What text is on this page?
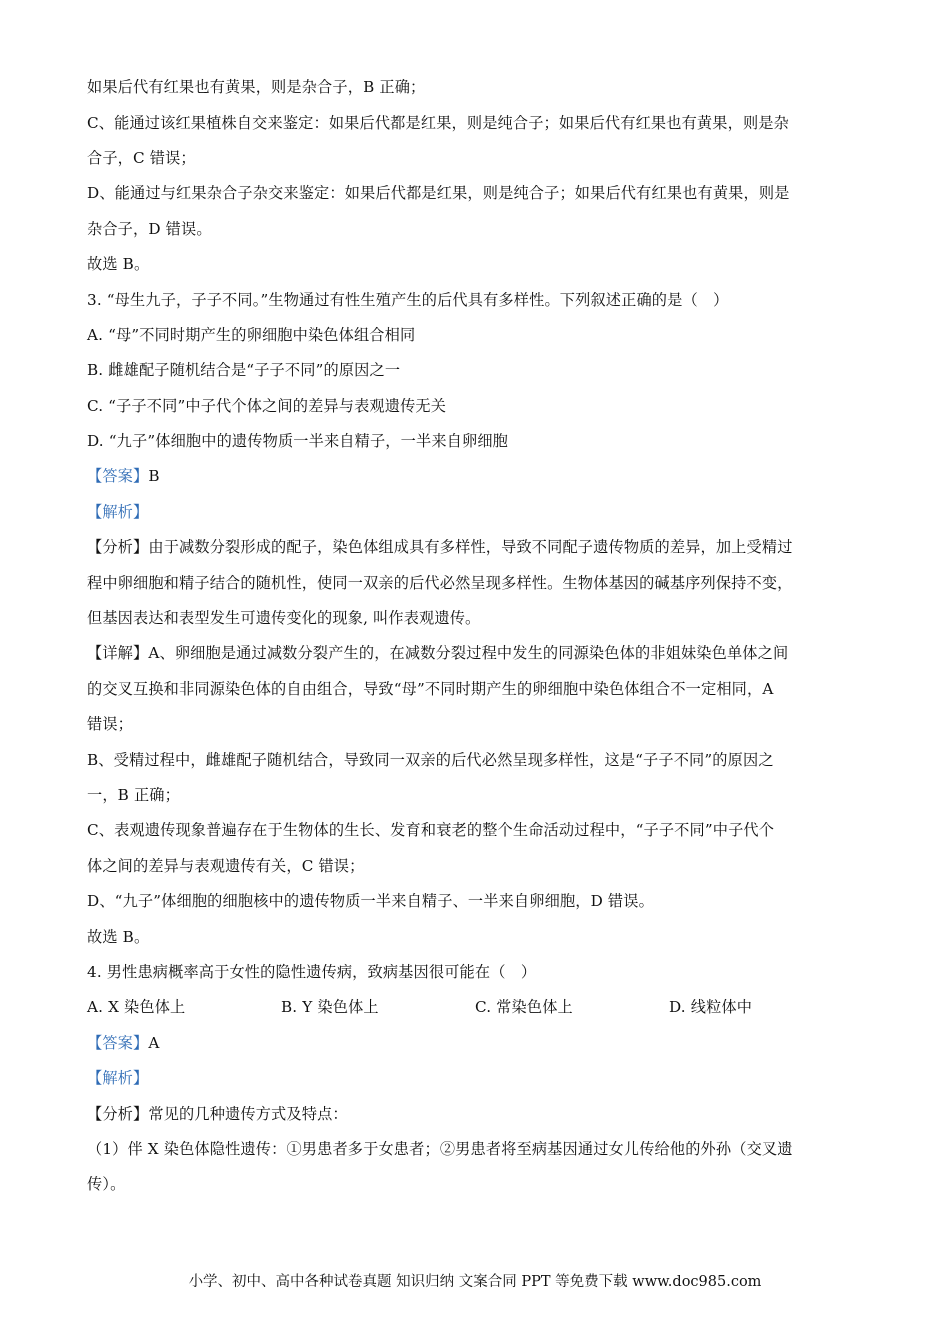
如果后代有红果也有黄果，则是杂合子，B 正确；
C、能通过该红果植株自交来鉴定：如果后代都是红果，则是纯合子；如果后代有红果也有黄果，则是杂
合子，C 错误；
D、能通过与红果杂合子杂交来鉴定：如果后代都是红果，则是纯合子；如果后代有红果也有黄果，则是
杂合子，D 错误。
故选 B。
3. “母生九子，子子不同。”生物通过有性生殖产生的后代具有多样性。下列叙述正确的是（　）
A. “母”不同时期产生的卵细胞中染色体组合相同
B. 雌雄配子随机结合是“子子不同”的原因之一
C. “子子不同”中子代个体之间的差异与表观遗传无关
D. “九子”体细胞中的遗传物质一半来自精子，一半来自卵细胞
【答案】 B
【解析】
【分析】 由于减数分裂形成的配子，染色体组成具有多样性，导致不同配子遗传物质的差异，加上受精过
程中卵细胞和精子结合的随机性，使同一双亲的后代必然呈现多样性。生物体基因的碱基序列保持不变，
但基因表达和表型发生可遗传变化的现象, 叫作表观遗传。
【详解】 A、卵细胞是通过减数分裂产生的，在减数分裂过程中发生的同源染色体的非姐妹染色单体之间
的交叉互换和非同源染色体的自由组合，导致“母”不同时期产生的卵细胞中染色体组合不一定相同，A
错误；
B、受精过程中，雌雄配子随机结合，导致同一双亲的后代必然呈现多样性，这是“子子不同”的原因之
一，B 正确；
C、表观遗传现象普遍存在于生物体的生长、发育和衰老的整个生命活动过程中，“子子不同”中子代个
体之间的差异与表观遗传有关，C 错误；
D、“九子”体细胞的细胞核中的遗传物质一半来自精子、一半来自卵细胞，D 错误。
故选 B。
4. 男性患病概率高于女性的隐性遗传病，致病基因很可能在（　）
A. X 染色体上	B. Y 染色体上	C. 常染色体上	D. 线粒体中
【答案】 A
【解析】
【分析】 常见的几种遗传方式及特点：
（1）伴 X 染色体隐性遗传：①男患者多于女患者；②男患者将至病基因通过女儿传给他的外孙（交叉遗
传）。
小学、初中、高中各种试卷真题 知识归纳 文案合同 PPT 等免费下载 www.doc985.com
